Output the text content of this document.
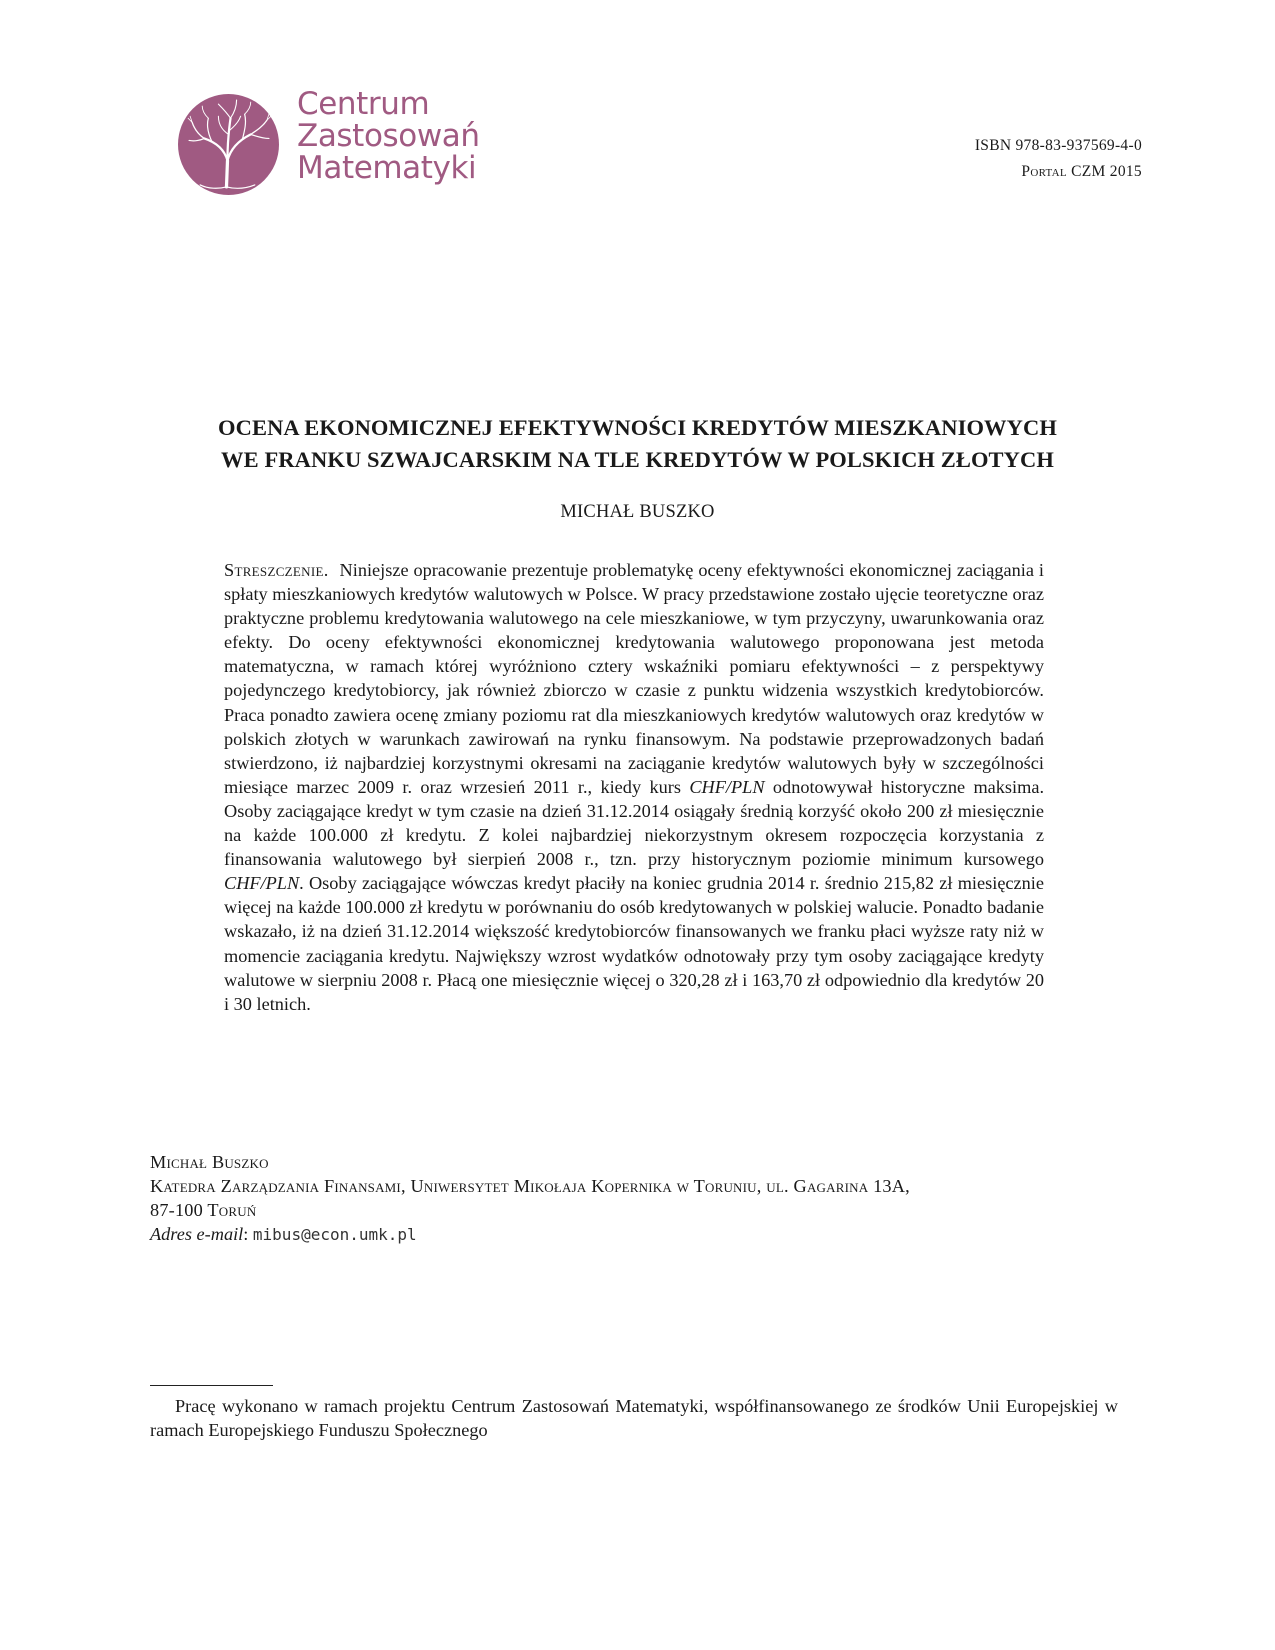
Centrum
Zastosowań
Matematyki
ISBN 978-83-937569-4-0
Portal CZM 2015
OCENA EKONOMICZNEJ EFEKTYWNOŚCI KREDYTÓW MIESZKANIOWYCH
WE FRANKU SZWAJCARSKIM NA TLE KREDYTÓW W POLSKICH ZŁOTYCH
MICHAŁ BUSZKO
Streszczenie. Niniejsze opracowanie prezentuje problematykę oceny efektywności ekonomicznej zaciągania i spłaty mieszkaniowych kredytów walutowych w Polsce. W pracy przedstawione zostało ujęcie teoretyczne oraz praktyczne problemu kredytowania walutowego na cele mieszkaniowe, w tym przyczyny, uwarunkowania oraz efekty. Do oceny efektywności ekonomicznej kredytowania walutowego proponowana jest metoda matematyczna, w ramach której wyróżniono cztery wskaźniki pomiaru efektywności – z perspektywy pojedynczego kredytobiorcy, jak również zbiorczo w czasie z punktu widzenia wszystkich kredytobiorców. Praca ponadto zawiera ocenę zmiany poziomu rat dla mieszkaniowych kredytów walutowych oraz kredytów w polskich złotych w warunkach zawirowań na rynku finansowym. Na podstawie przeprowadzonych badań stwierdzono, iż najbardziej korzystnymi okresami na zaciąganie kredytów walutowych były w szczególności miesiące marzec 2009 r. oraz wrzesień 2011 r., kiedy kurs CHF/PLN odnotowywał historyczne maksima. Osoby zaciągające kredyt w tym czasie na dzień 31.12.2014 osiągały średnią korzyść około 200 zł miesięcznie na każde 100.000 zł kredytu. Z kolei najbardziej niekorzystnym okresem rozpoczęcia korzystania z finansowania walutowego był sierpień 2008 r., tzn. przy historycznym poziomie minimum kursowego CHF/PLN. Osoby zaciągające wówczas kredyt płaciły na koniec grudnia 2014 r. średnio 215,82 zł miesięcznie więcej na każde 100.000 zł kredytu w porównaniu do osób kredytowanych w polskiej walucie. Ponadto badanie wskazało, iż na dzień 31.12.2014 większość kredytobiorców finansowanych we franku płaci wyższe raty niż w momencie zaciągania kredytu. Największy wzrost wydatków odnotowały przy tym osoby zaciągające kredyty walutowe w sierpniu 2008 r. Płacą one miesięcznie więcej o 320,28 zł i 163,70 zł odpowiednio dla kredytów 20 i 30 letnich.
Michał Buszko
Katedra Zarządzania Finansami, Uniwersytet Mikołaja Kopernika w Toruniu, ul. Gagarina 13A,
87-100 Toruń
Adres e-mail: mibus@econ.umk.pl
Pracę wykonano w ramach projektu Centrum Zastosowań Matematyki, współfinansowanego ze środków Unii Europejskiej w ramach Europejskiego Funduszu Społecznego
